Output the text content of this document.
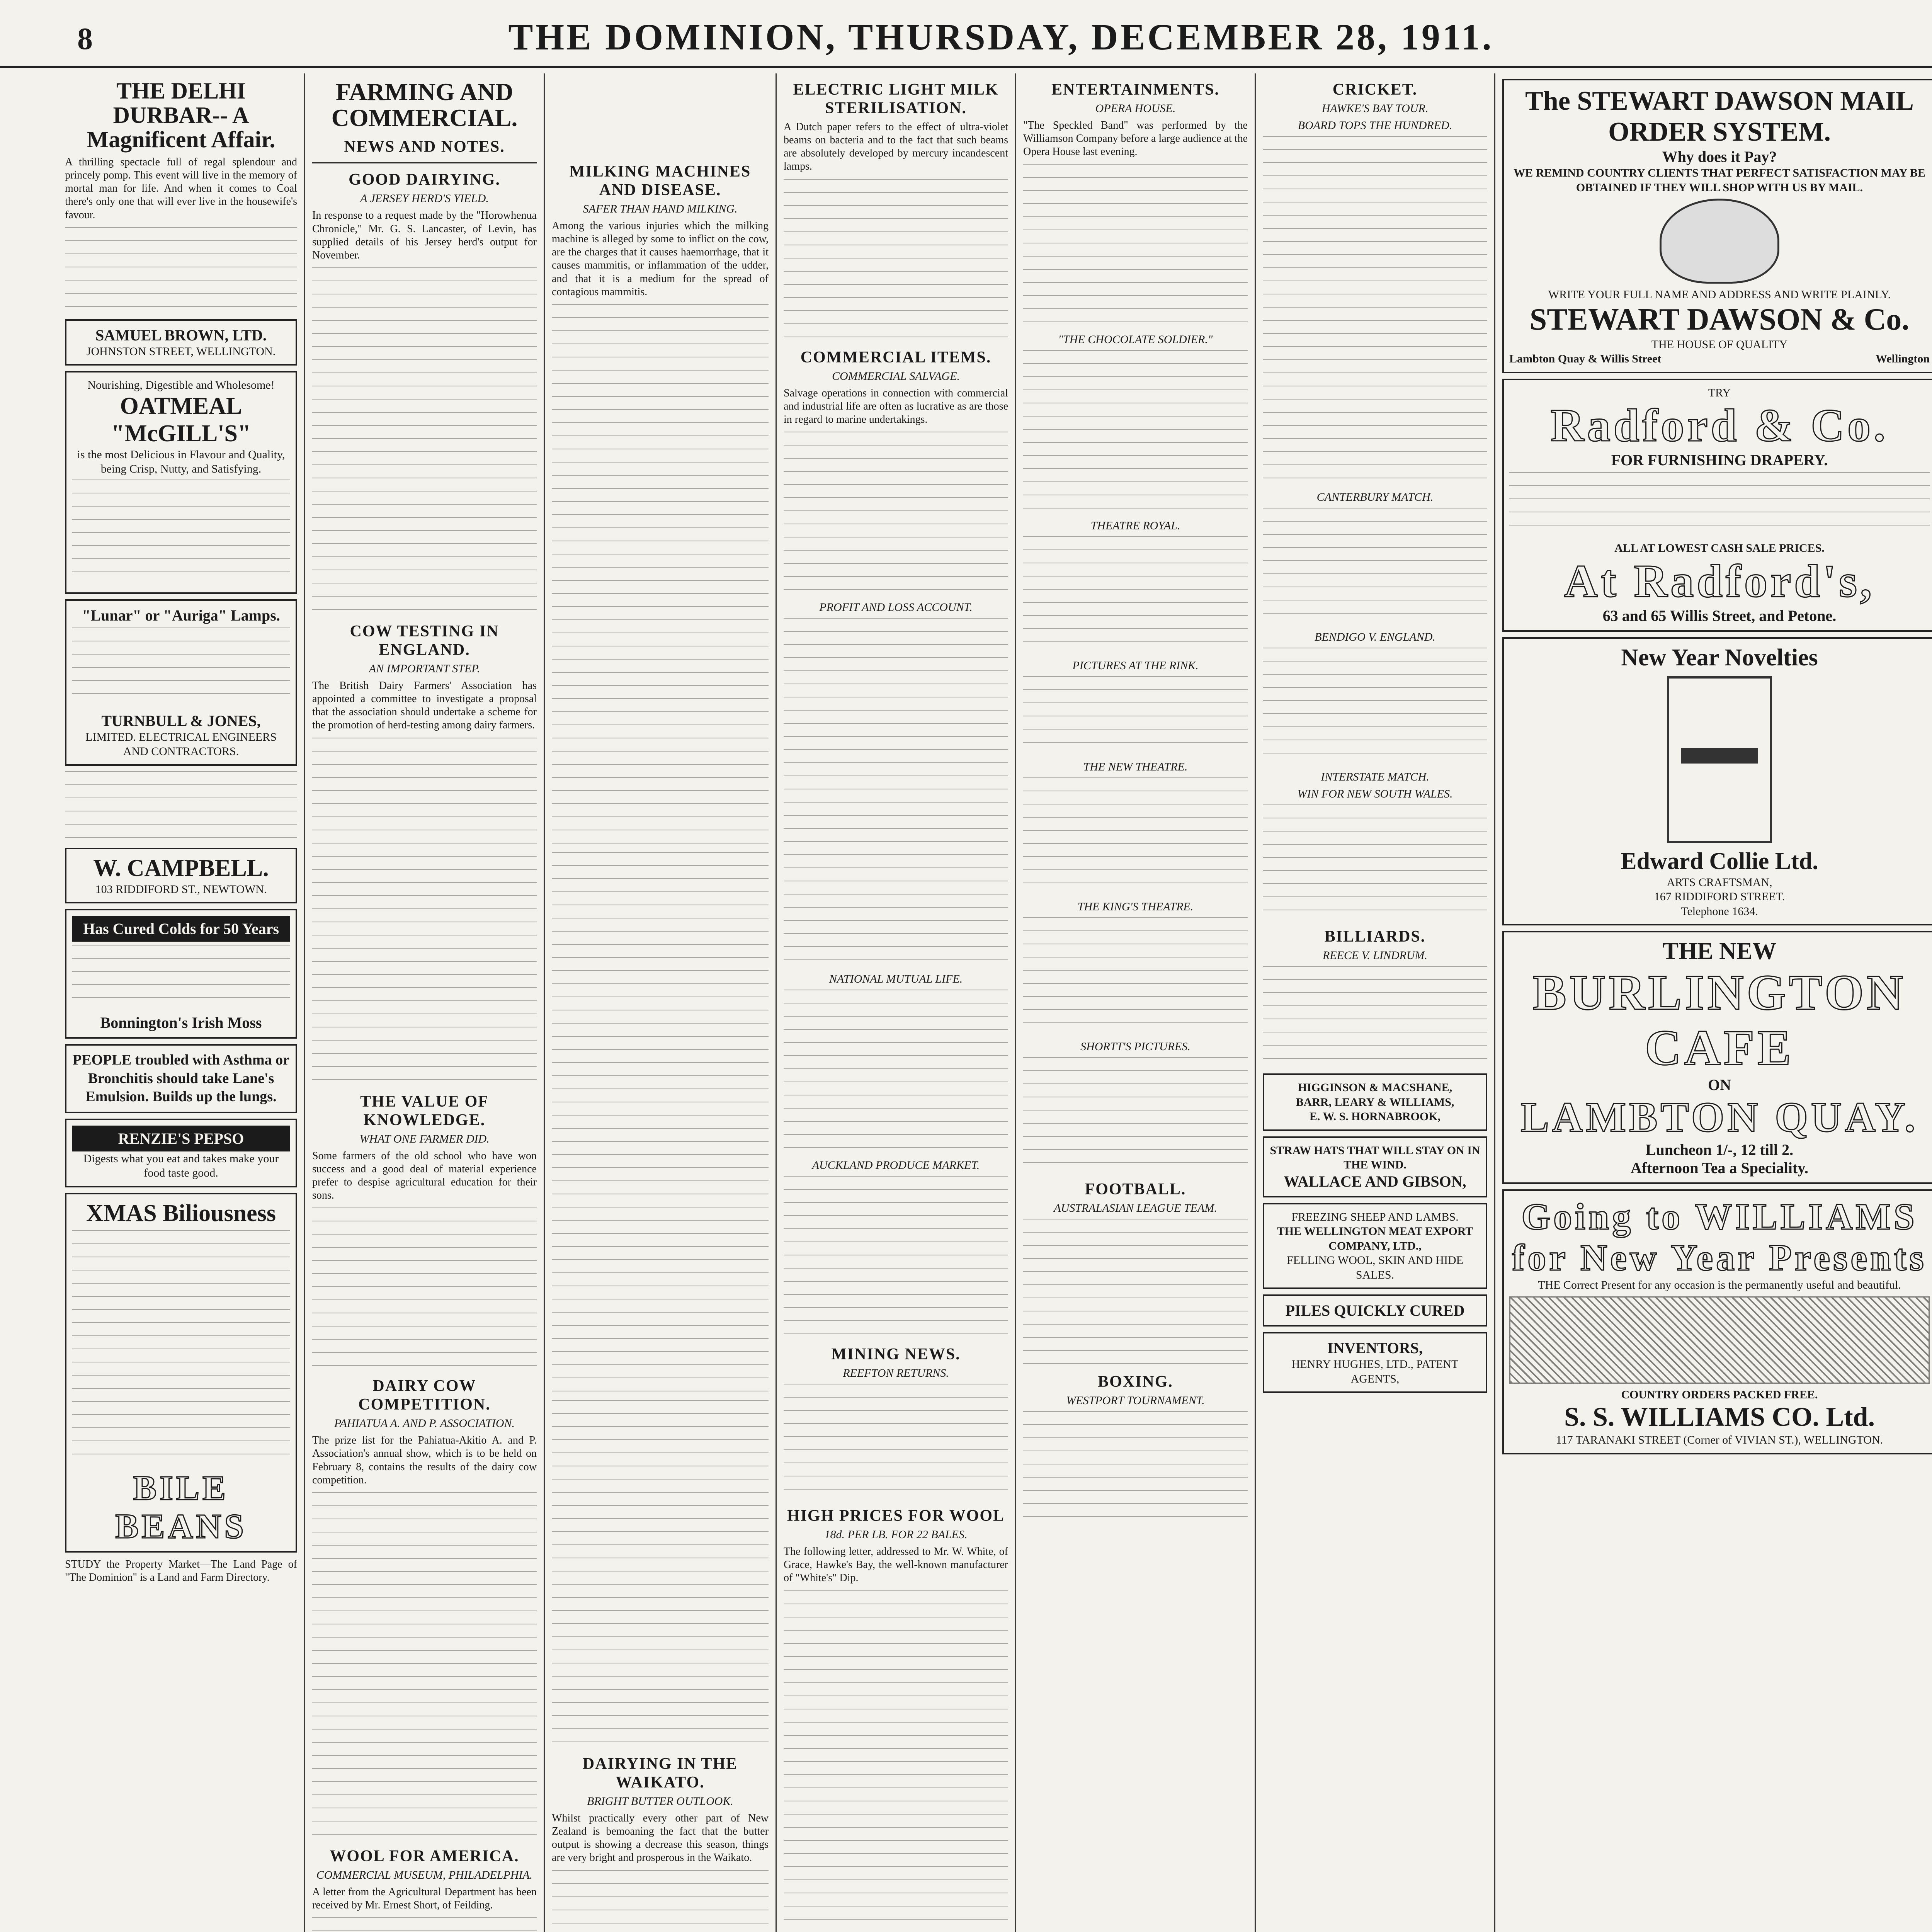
8	THE DOMINION, THURSDAY, DECEMBER 28, 1911.
THE DELHI DURBAR-- A Magnificent Affair.
A thrilling spectacle full of regal splendour and princely pomp. This event will live in the memory of mortal man for life. And when it comes to Coal there's only one that will ever live in the housewife's favour.
SAMUEL BROWN, LTD.
JOHNSTON STREET, WELLINGTON.
Nourishing, Digestible and Wholesome!
OATMEAL
"McGILL'S"
is the most Delicious in Flavour and Quality, being Crisp, Nutty, and Satisfying.
"Lunar" or "Auriga" Lamps.
TURNBULL & JONES,
LIMITED. ELECTRICAL ENGINEERS AND CONTRACTORS.
W. CAMPBELL.
103 RIDDIFORD ST., NEWTOWN.
Has Cured Colds for 50 Years
Bonnington's Irish Moss
PEOPLE troubled with Asthma or Bronchitis should take Lane's Emulsion. Builds up the lungs.
RENZIE'S PEPSO
Digests what you eat and takes make your food taste good.
XMAS Biliousness
BILE BEANS
STUDY the Property Market—The Land Page of "The Dominion" is a Land and Farm Directory.
FARMING AND COMMERCIAL.
NEWS AND NOTES.
GOOD DAIRYING.
A JERSEY HERD'S YIELD.
In response to a request made by the "Horowhenua Chronicle," Mr. G. S. Lancaster, of Levin, has supplied details of his Jersey herd's output for November.
COW TESTING IN ENGLAND.
AN IMPORTANT STEP.
The British Dairy Farmers' Association has appointed a committee to investigate a proposal that the association should undertake a scheme for the promotion of herd-testing among dairy farmers.
THE VALUE OF KNOWLEDGE.
WHAT ONE FARMER DID.
Some farmers of the old school who have won success and a good deal of material experience prefer to despise agricultural education for their sons.
DAIRY COW COMPETITION.
PAHIATUA A. AND P. ASSOCIATION.
The prize list for the Pahiatua-Akitio A. and P. Association's annual show, which is to be held on February 8, contains the results of the dairy cow competition.
WOOL FOR AMERICA.
COMMERCIAL MUSEUM, PHILADELPHIA.
A letter from the Agricultural Department has been received by Mr. Ernest Short, of Feilding.
MILKING MACHINES AND DISEASE.
SAFER THAN HAND MILKING.
Among the various injuries which the milking machine is alleged by some to inflict on the cow, are the charges that it causes haemorrhage, that it causes mammitis, or inflammation of the udder, and that it is a medium for the spread of contagious mammitis.
DAIRYING IN THE WAIKATO.
BRIGHT BUTTER OUTLOOK.
Whilst practically every other part of New Zealand is bemoaning the fact that the butter output is showing a decrease this season, things are very bright and prosperous in the Waikato.
ELECTRIC LIGHT MILK STERILISATION.
A Dutch paper refers to the effect of ultra-violet beams on bacteria and to the fact that such beams are absolutely developed by mercury incandescent lamps.
COMMERCIAL ITEMS.
COMMERCIAL SALVAGE.
Salvage operations in connection with commercial and industrial life are often as lucrative as are those in regard to marine undertakings.
PROFIT AND LOSS ACCOUNT.
NATIONAL MUTUAL LIFE.
AUCKLAND PRODUCE MARKET.
MINING NEWS.
REEFTON RETURNS.
HIGH PRICES FOR WOOL
18d. PER LB. FOR 22 BALES.
The following letter, addressed to Mr. W. White, of Grace, Hawke's Bay, the well-known manufacturer of "White's" Dip.
ENTERTAINMENTS.
OPERA HOUSE.
"The Speckled Band" was performed by the Williamson Company before a large audience at the Opera House last evening.
"THE CHOCOLATE SOLDIER."
THEATRE ROYAL.
PICTURES AT THE RINK.
THE NEW THEATRE.
THE KING'S THEATRE.
SHORTT'S PICTURES.
FOOTBALL.
AUSTRALASIAN LEAGUE TEAM.
BOXING.
WESTPORT TOURNAMENT.
CRICKET.
HAWKE'S BAY TOUR.
BOARD TOPS THE HUNDRED.
CANTERBURY MATCH.
BENDIGO V. ENGLAND.
INTERSTATE MATCH.
WIN FOR NEW SOUTH WALES.
BILLIARDS.
REECE V. LINDRUM.
HIGGINSON & MACSHANE,
BARR, LEARY & WILLIAMS,
E. W. S. HORNABROOK,
STRAW HATS THAT WILL STAY ON IN THE WIND.
WALLACE AND GIBSON,
FREEZING SHEEP AND LAMBS.
THE WELLINGTON MEAT EXPORT COMPANY, LTD.,
FELLING WOOL, SKIN AND HIDE SALES.
PILES QUICKLY CURED
INVENTORS,
HENRY HUGHES, LTD., PATENT AGENTS,
The STEWART DAWSON MAIL ORDER SYSTEM.
Why does it Pay?
WE REMIND COUNTRY CLIENTS THAT PERFECT SATISFACTION MAY BE OBTAINED IF THEY WILL SHOP WITH US BY MAIL.
WRITE YOUR FULL NAME AND ADDRESS AND WRITE PLAINLY.
STEWART DAWSON & Co.
THE HOUSE OF QUALITY
Lambton Quay & Willis Street	Wellington
TRY
Radford & Co.
FOR FURNISHING DRAPERY.
ALL AT LOWEST CASH SALE PRICES.
At Radford's,
63 and 65 Willis Street, and Petone.
New Year Novelties
Edward Collie Ltd.
ARTS CRAFTSMAN,
167 RIDDIFORD STREET.
Telephone 1634.
THE NEW
BURLINGTON CAFE
ON
LAMBTON QUAY.
Luncheon 1/-, 12 till 2.
Afternoon Tea a Speciality.
Going to WILLIAMS for New Year Presents
THE Correct Present for any occasion is the permanently useful and beautiful.
COUNTRY ORDERS PACKED FREE.
S. S. WILLIAMS CO. Ltd.
117 TARANAKI STREET (Corner of VIVIAN ST.), WELLINGTON.
